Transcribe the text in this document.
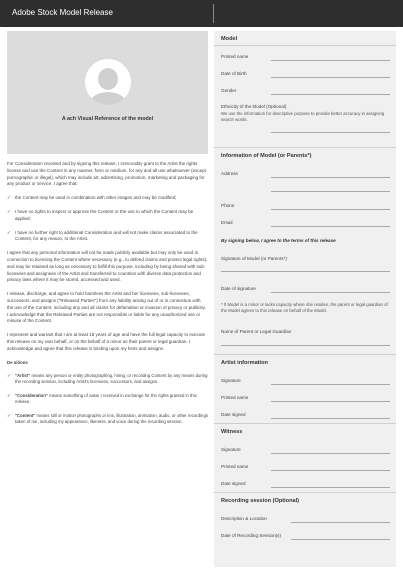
Adobe Stock Model Release
A ach Visual Reference of the model

For Consideration received and by signing this release, I irrevocably grant to the Artist the rights license and use the Content in any manner, form or medium, for any and all use whatsoever (except pornographic or illegal), which may include art, advertising, promotion, marketing and packaging for any product or service. I agree that:

✓ the Content may be used in combination with other images and may be modified;
✓ I have no rights to inspect or approve the Content or the use to which the Content may be applied;
✓ I have no further right to additional Consideration and will not make claims associated to the Content, for any reason, to the Artist.

I agree that any personal information will not be made publicly available but may only be used in connection to licensing the Content where necessary (e.g., to defend claims and protect legal rights), and may be retained as long as necessary to fulfill this purpose, including by being shared with sub-licensees and assignees of the Artist and transferred to countries with diverse data protection and privacy laws where it may be stored, accessed and used.

I release, discharge, and agree to hold harmless the Artist and her licensees, sub-licensees, successors, and assigns ("Released Parties") from any liability arising out of or in connection with the use of the Content, including any and all claims for defamation or invasion of privacy or publicity. I acknowledge that the Released Parties are not responsible or liable for any unauthorized use or misuse of the Content.

I represent and warrant that I am at least 18 years of age and have the full legal capacity to execute this release on my own behalf, or on the behalf of a minor as their parent or legal guardian. I acknowledge and agree that this release is binding upon my heirs and assigns.

De nitions

✓ "Artist" means any person or entity photographing, hiring, or recording Content by any means during the recording session, including Artist's licensees, successors, and assigns.
✓ "Consideration" means something of value I received in exchange for the rights granted in this release.
✓ "Content" means still or motion photographs or ims, illustration, animation, audio, or other recordings taken of me, including my appearance, likeness, and voice during the recording session.
Model
Printed name
Date of Birth
Gender
Ethnicity of the Model (Optional)
We use the information for descriptive purpose to provide better accuracy in assigning search words.
Information of Model (or Parents*)
Address
Phone
Email
By signing below, I agree to the terms of this release
Signature of Model (or Parents*)
Date of signature
* If Model is a minor or lacks capacity where she resides, the parent or legal guardian of the Model agrees to this release on behalf of the Model.
Name of Parent or Legal Guardian
Artist information
Signature
Printed name
Date signed
Witness
Signature
Printed name
Date signed
Recording session (Optional)
Description & Location
Date of Recording Session(s)
